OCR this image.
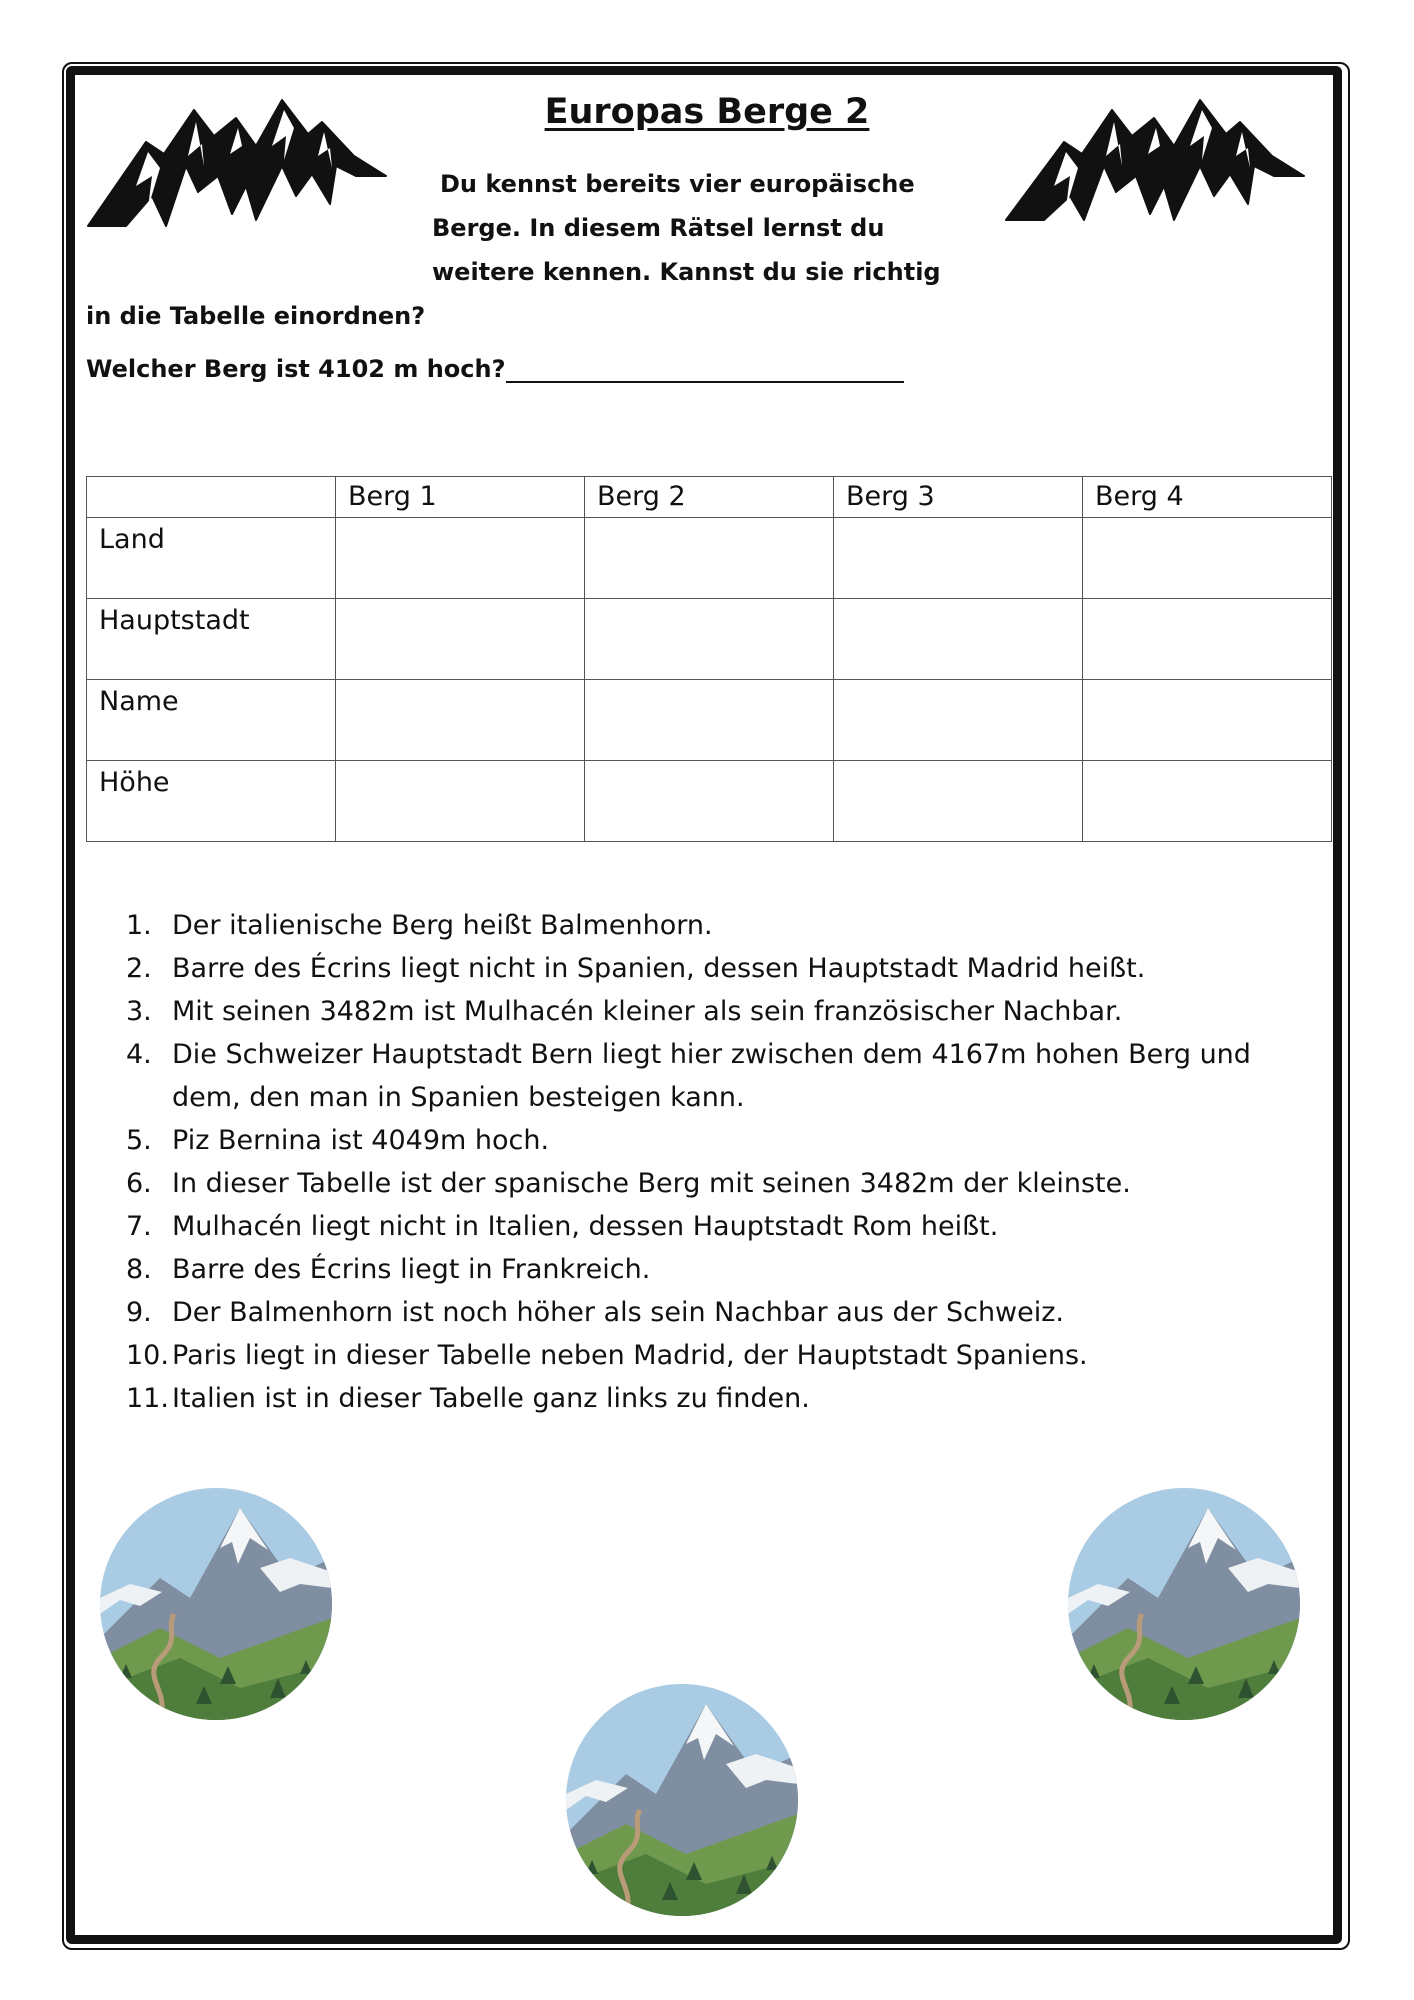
Europas Berge 2
Du kennst bereits vier europäische
Berge. In diesem Rätsel lernst du
weitere kennen. Kannst du sie richtig
in die Tabelle einordnen?
Welcher Berg ist 4102 m hoch?
	Berg 1	Berg 2	Berg 3	Berg 4
Land				
Hauptstadt				
Name				
Höhe				
1. Der italienische Berg heißt Balmenhorn.
2. Barre des Écrins liegt nicht in Spanien, dessen Hauptstadt Madrid heißt.
3. Mit seinen 3482m ist Mulhacén kleiner als sein französischer Nachbar.
4. Die Schweizer Hauptstadt Bern liegt hier zwischen dem 4167m hohen Berg und dem, den man in Spanien besteigen kann.
5. Piz Bernina ist 4049m hoch.
6. In dieser Tabelle ist der spanische Berg mit seinen 3482m der kleinste.
7. Mulhacén liegt nicht in Italien, dessen Hauptstadt Rom heißt.
8. Barre des Écrins liegt in Frankreich.
9. Der Balmenhorn ist noch höher als sein Nachbar aus der Schweiz.
10. Paris liegt in dieser Tabelle neben Madrid, der Hauptstadt Spaniens.
11. Italien ist in dieser Tabelle ganz links zu finden.
